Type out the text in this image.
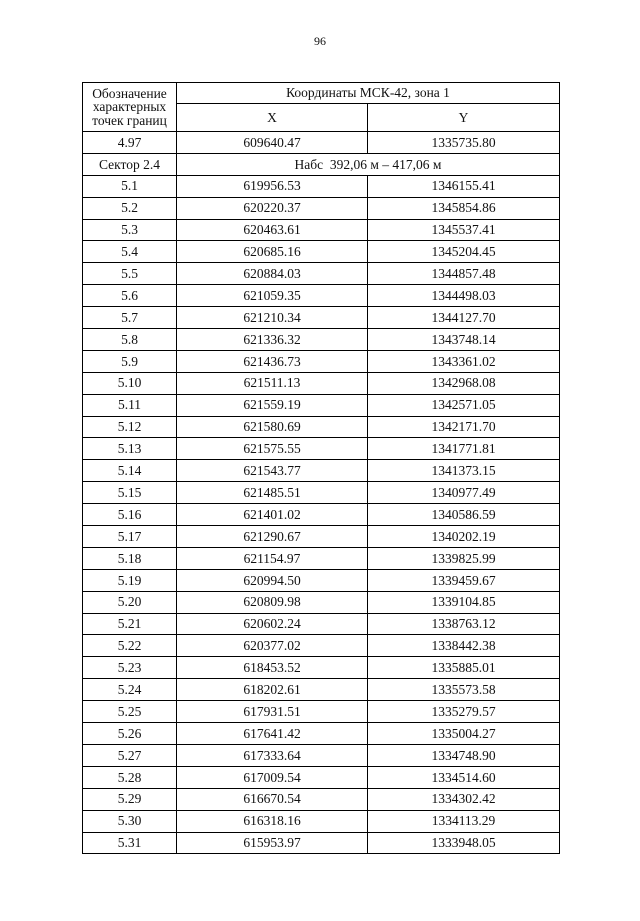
96
Обозначение
характерных
точек границ	Координаты МСК-42, зона 1	
	X	Y
4.97	609640.47	1335735.80
Сектор 2.4	Набс  392,06 м – 417,06 м	
5.1	619956.53	1346155.41
5.2	620220.37	1345854.86
5.3	620463.61	1345537.41
5.4	620685.16	1345204.45
5.5	620884.03	1344857.48
5.6	621059.35	1344498.03
5.7	621210.34	1344127.70
5.8	621336.32	1343748.14
5.9	621436.73	1343361.02
5.10	621511.13	1342968.08
5.11	621559.19	1342571.05
5.12	621580.69	1342171.70
5.13	621575.55	1341771.81
5.14	621543.77	1341373.15
5.15	621485.51	1340977.49
5.16	621401.02	1340586.59
5.17	621290.67	1340202.19
5.18	621154.97	1339825.99
5.19	620994.50	1339459.67
5.20	620809.98	1339104.85
5.21	620602.24	1338763.12
5.22	620377.02	1338442.38
5.23	618453.52	1335885.01
5.24	618202.61	1335573.58
5.25	617931.51	1335279.57
5.26	617641.42	1335004.27
5.27	617333.64	1334748.90
5.28	617009.54	1334514.60
5.29	616670.54	1334302.42
5.30	616318.16	1334113.29
5.31	615953.97	1333948.05
